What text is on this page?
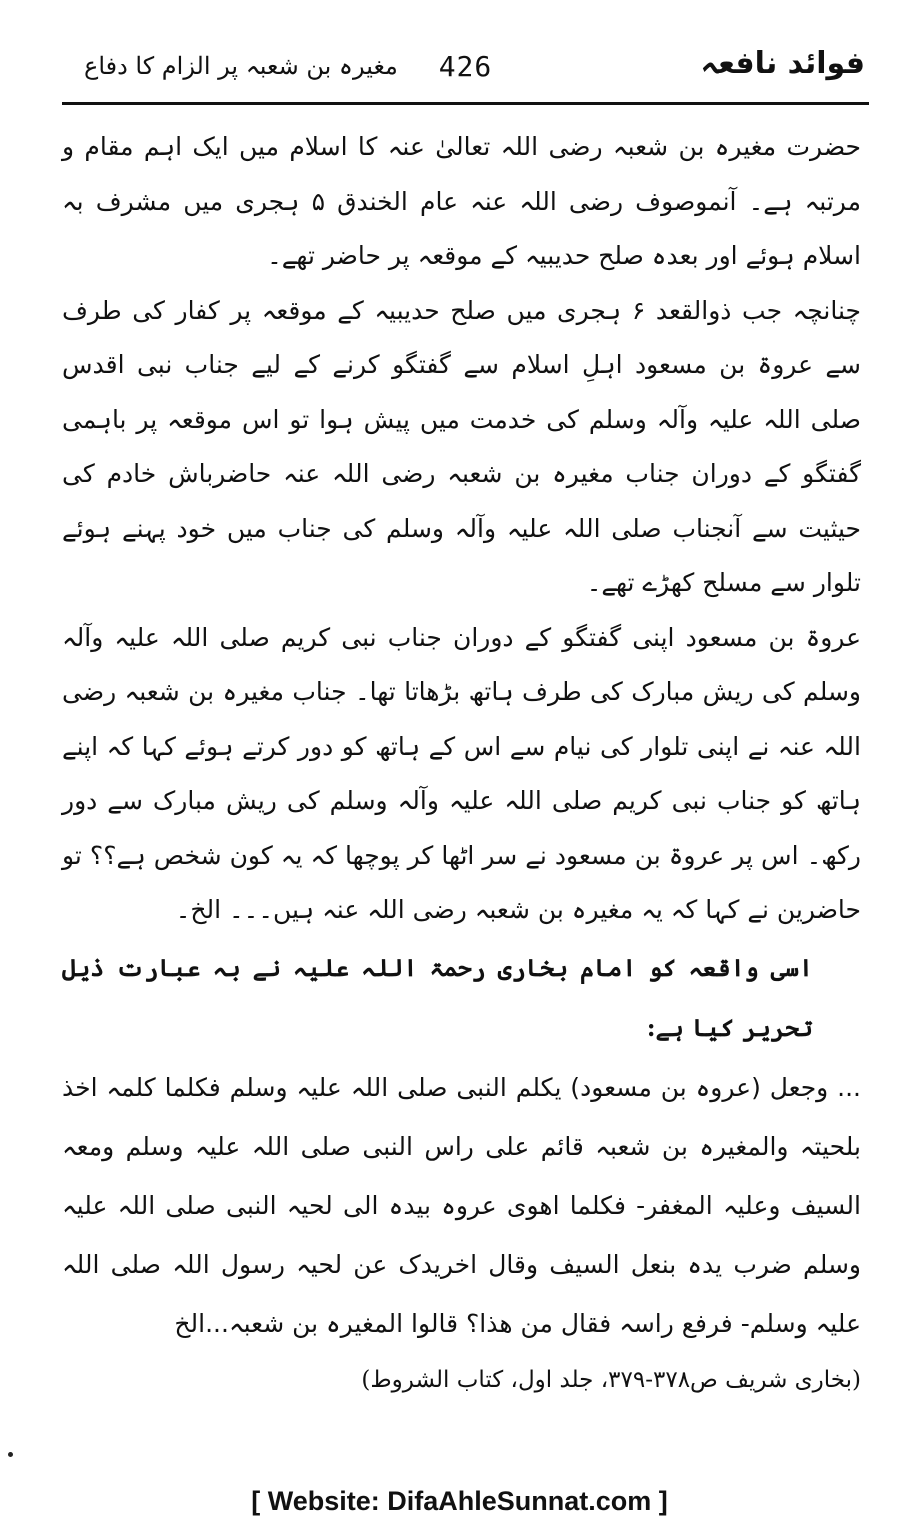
مغیرہ بن شعبہ پر الزام کا دفاع	426	فوائد نافعہ

حضرت مغیرہ بن شعبہ رضی اللہ تعالیٰ عنہ کا اسلام میں ایک اہم مقام و مرتبہ ہے۔ آنموصوف رضی اللہ عنہ عام الخندق ۵ ہجری میں مشرف بہ اسلام ہوئے اور بعدہ صلح حدیبیہ کے موقعہ پر حاضر تھے۔

چنانچہ جب ذوالقعد ۶ ہجری میں صلح حدیبیہ کے موقعہ پر کفار کی طرف سے عروۃ بن مسعود اہلِ اسلام سے گفتگو کرنے کے لیے جناب نبی اقدس صلی اللہ علیہ وآلہ وسلم کی خدمت میں پیش ہوا تو اس موقعہ پر باہمی گفتگو کے دوران جناب مغیرہ بن شعبہ رضی اللہ عنہ حاضرباش خادم کی حیثیت سے آنجناب صلی اللہ علیہ وآلہ وسلم کی جناب میں خود پہنے ہوئے تلوار سے مسلح کھڑے تھے۔

عروۃ بن مسعود اپنی گفتگو کے دوران جناب نبی کریم صلی اللہ علیہ وآلہ وسلم کی ریش مبارک کی طرف ہاتھ بڑھاتا تھا۔ جناب مغیرہ بن شعبہ رضی اللہ عنہ نے اپنی تلوار کی نیام سے اس کے ہاتھ کو دور کرتے ہوئے کہا کہ اپنے ہاتھ کو جناب نبی کریم صلی اللہ علیہ وآلہ وسلم کی ریش مبارک سے دور رکھ۔ اس پر عروۃ بن مسعود نے سر اٹھا کر پوچھا کہ یہ کون شخص ہے؟؟ تو حاضرین نے کہا کہ یہ مغیرہ بن شعبہ رضی اللہ عنہ ہیں۔۔۔ الخ۔

اسی واقعہ کو امام بخاری رحمۃ اللہ علیہ نے بہ عبارت ذیل تحریر کیا ہے:

... وجعل (عروہ بن مسعود) يكلم النبی صلی اللہ علیہ وسلم فكلما كلمہ اخذ بلحیتہ والمغیرہ بن شعبہ قائم علی راس النبی صلی اللہ علیہ وسلم ومعہ السیف وعلیہ المغفر- فكلما اھوی عروہ بیدہ الی لحیہ النبی صلی اللہ علیہ وسلم ضرب یدہ بنعل السیف وقال اخریدک عن لحیہ رسول اللہ صلی اللہ علیہ وسلم- فرفع راسہ فقال من ھذا؟ قالوا المغیرہ بن شعبہ...الخ

(بخاری شریف ص۳۷۸-۳۷۹، جلد اول، کتاب الشروط)

[ Website: DifaAhleSunnat.com ]
